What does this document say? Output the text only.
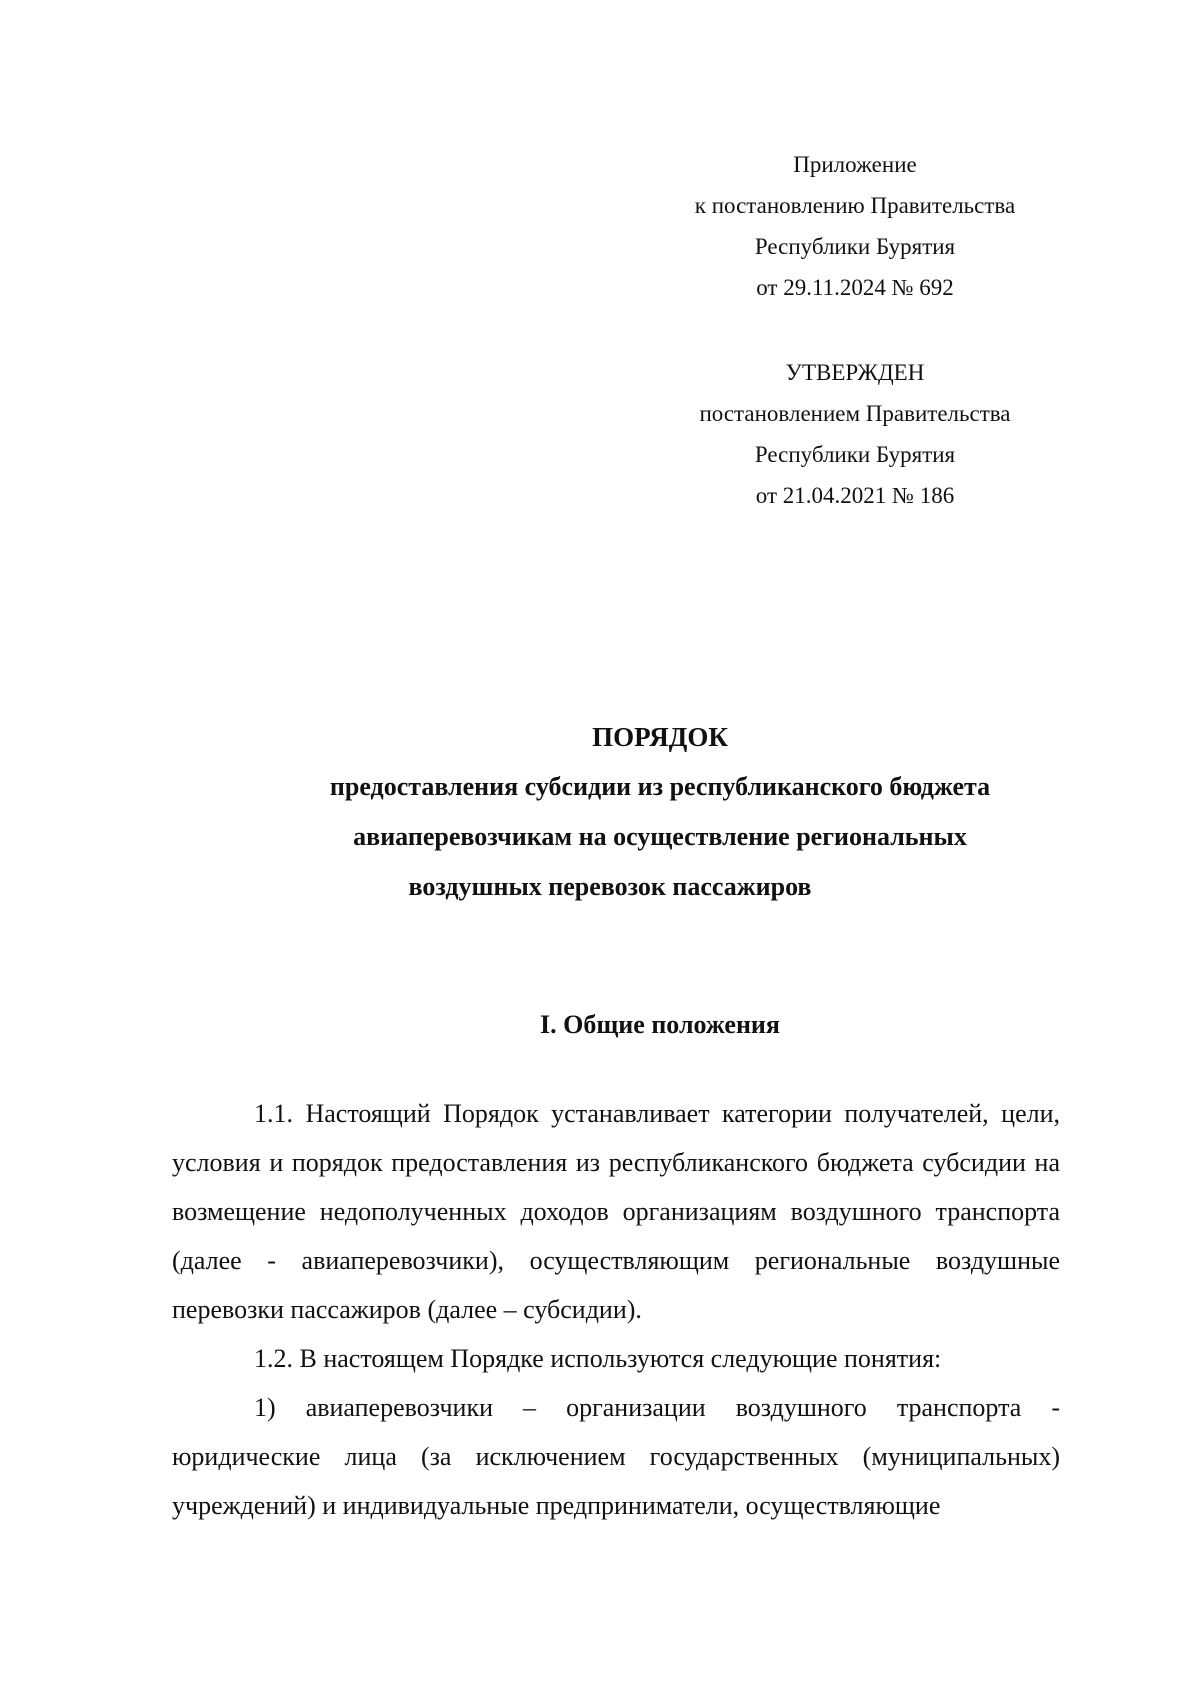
Приложение
к постановлению Правительства
Республики Бурятия
от 29.11.2024 № 692
УТВЕРЖДЕН
постановлением Правительства
Республики Бурятия
от 21.04.2021 № 186
ПОРЯДОК
предоставления субсидии из республиканского бюджета
авиаперевозчикам на осуществление региональных
воздушных перевозок пассажиров
I. Общие положения

1.1. Настоящий Порядок устанавливает категории получателей, цели, условия и порядок предоставления из республиканского бюджета субсидии на возмещение недополученных доходов организациям воздушного транспорта (далее - авиаперевозчики), осуществляющим региональные воздушные перевозки пассажиров (далее – субсидии).

1.2. В настоящем Порядке используются следующие понятия:

1) авиаперевозчики – организации воздушного транспорта - юридические лица (за исключением государственных (муниципальных) учреждений) и индивидуальные предприниматели, осуществляющие
